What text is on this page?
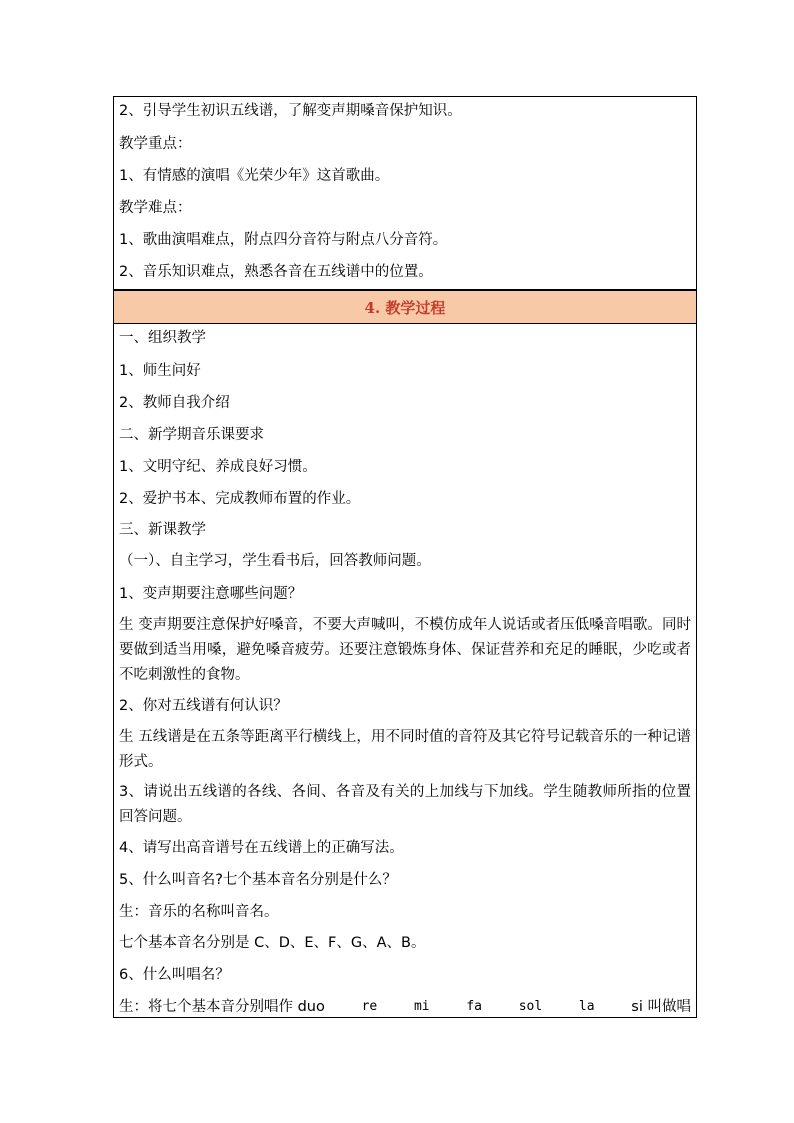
2、引导学生初识五线谱，了解变声期嗓音保护知识。
教学重点：
1、有情感的演唱《光荣少年》这首歌曲。
教学难点：
1、歌曲演唱难点，附点四分音符与附点八分音符。
2、音乐知识难点，熟悉各音在五线谱中的位置。
4. 教学过程
一、组织教学
1、师生问好
2、教师自我介绍
二、新学期音乐课要求
1、文明守纪、养成良好习惯。
2、爱护书本、完成教师布置的作业。
三、新课教学
（一）、自主学习，学生看书后，回答教师问题。
1、变声期要注意哪些问题？
生 变声期要注意保护好嗓音，不要大声喊叫，不模仿成年人说话或者压低嗓音唱歌。同时要做到适当用嗓，避免嗓音疲劳。还要注意锻炼身体、保证营养和充足的睡眠，少吃或者不吃刺激性的食物。
2、你对五线谱有何认识？
生 五线谱是在五条等距离平行横线上，用不同时值的音符及其它符号记载音乐的一种记谱形式。
3、请说出五线谱的各线、各间、各音及有关的上加线与下加线。学生随教师所指的位置回答问题。
4、请写出高音谱号在五线谱上的正确写法。
5、什么叫音名?七个基本音名分别是什么？
生：音乐的名称叫音名。
七个基本音名分别是 C、D、E、F、G、A、B。
6、什么叫唱名？
生：将七个基本音分别唱作 duo	re	mi	fa	sol	la	si 叫做唱
